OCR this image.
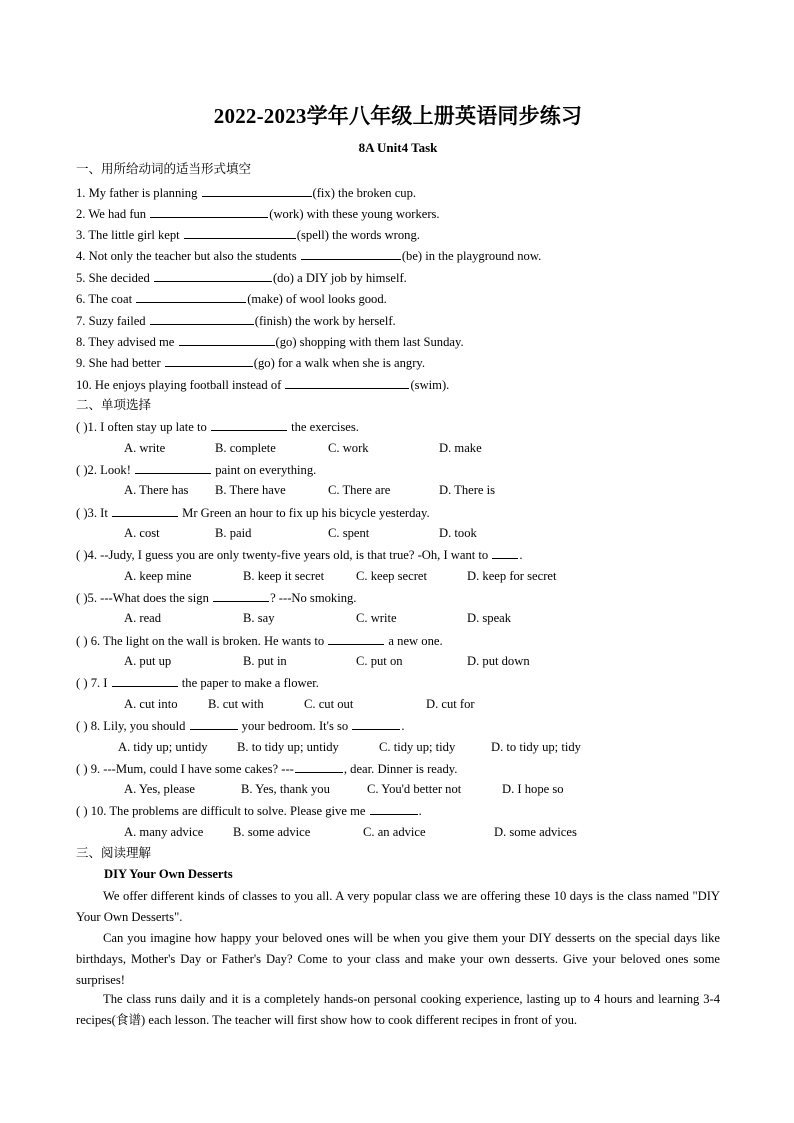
2022-2023学年八年级上册英语同步练习
8A Unit4 Task
一、用所给动词的适当形式填空
1. My father is planning	(fix) the broken cup.
2. We had fun	(work) with these young workers.
3. The little girl kept	(spell) the words wrong.
4. Not only the teacher but also the students	(be) in the playground now.
5. She decided	(do) a DIY job by himself.
6. The coat	(make) of wool looks good.
7. Suzy failed	(finish) the work by herself.
8. They advised me	(go) shopping with them last Sunday.
9. She had better	(go) for a walk when she is angry.
10. He enjoys playing football instead of	(swim).
二、单项选择
( )1. I often stay up late to	the exercises.
A. write	B. complete	C. work	D. make
( )2. Look!	paint on everything.
A. There has B. There have	C. There are	D. There is
( )3. It	Mr Green an hour to fix up his bicycle yesterday.
A. cost	B. paid	C. spent	D. took
( )4. --Judy, I guess you are only twenty-five years old, is that true? -Oh, I want to .
A. keep mine	B. keep it secret	C. keep secret	D. keep for secret
( )5. ---What does the sign	? ---No smoking.
A. read	B. say	C. write	D. speak
( ) 6. The light on the wall is broken. He wants to	a new one.
A. put up	B. put in	C. put on	D. put down
( ) 7. I	the paper to make a flower.
A. cut into B. cut with	C. cut out	D. cut for
( ) 8. Lily, you should	your bedroom. It's so	.
A. tidy up; untidy B. to tidy up; untidy	C. tidy up; tidy	D. to tidy up; tidy
( ) 9. ---Mum, could I have some cakes? ---	, dear. Dinner is ready.
A. Yes, please	B. Yes, thank you	C. You'd better not	D. I hope so
( ) 10. The problems are difficult to solve. Please give me	.
A. many advice B. some advice	C. an advice	D. some advices
三、阅读理解
DIY Your Own Desserts
We offer different kinds of classes to you all. A very popular class we are offering these 10 days is the class named "DIY Your Own Desserts".
Can you imagine how happy your beloved ones will be when you give them your DIY desserts on the special days like birthdays, Mother's Day or Father's Day? Come to your class and make your own desserts. Give your beloved ones some surprises!
The class runs daily and it is a completely hands-on personal cooking experience, lasting up to 4 hours and learning 3-4 recipes(食谱) each lesson. The teacher will first show how to cook different recipes in front of you.
